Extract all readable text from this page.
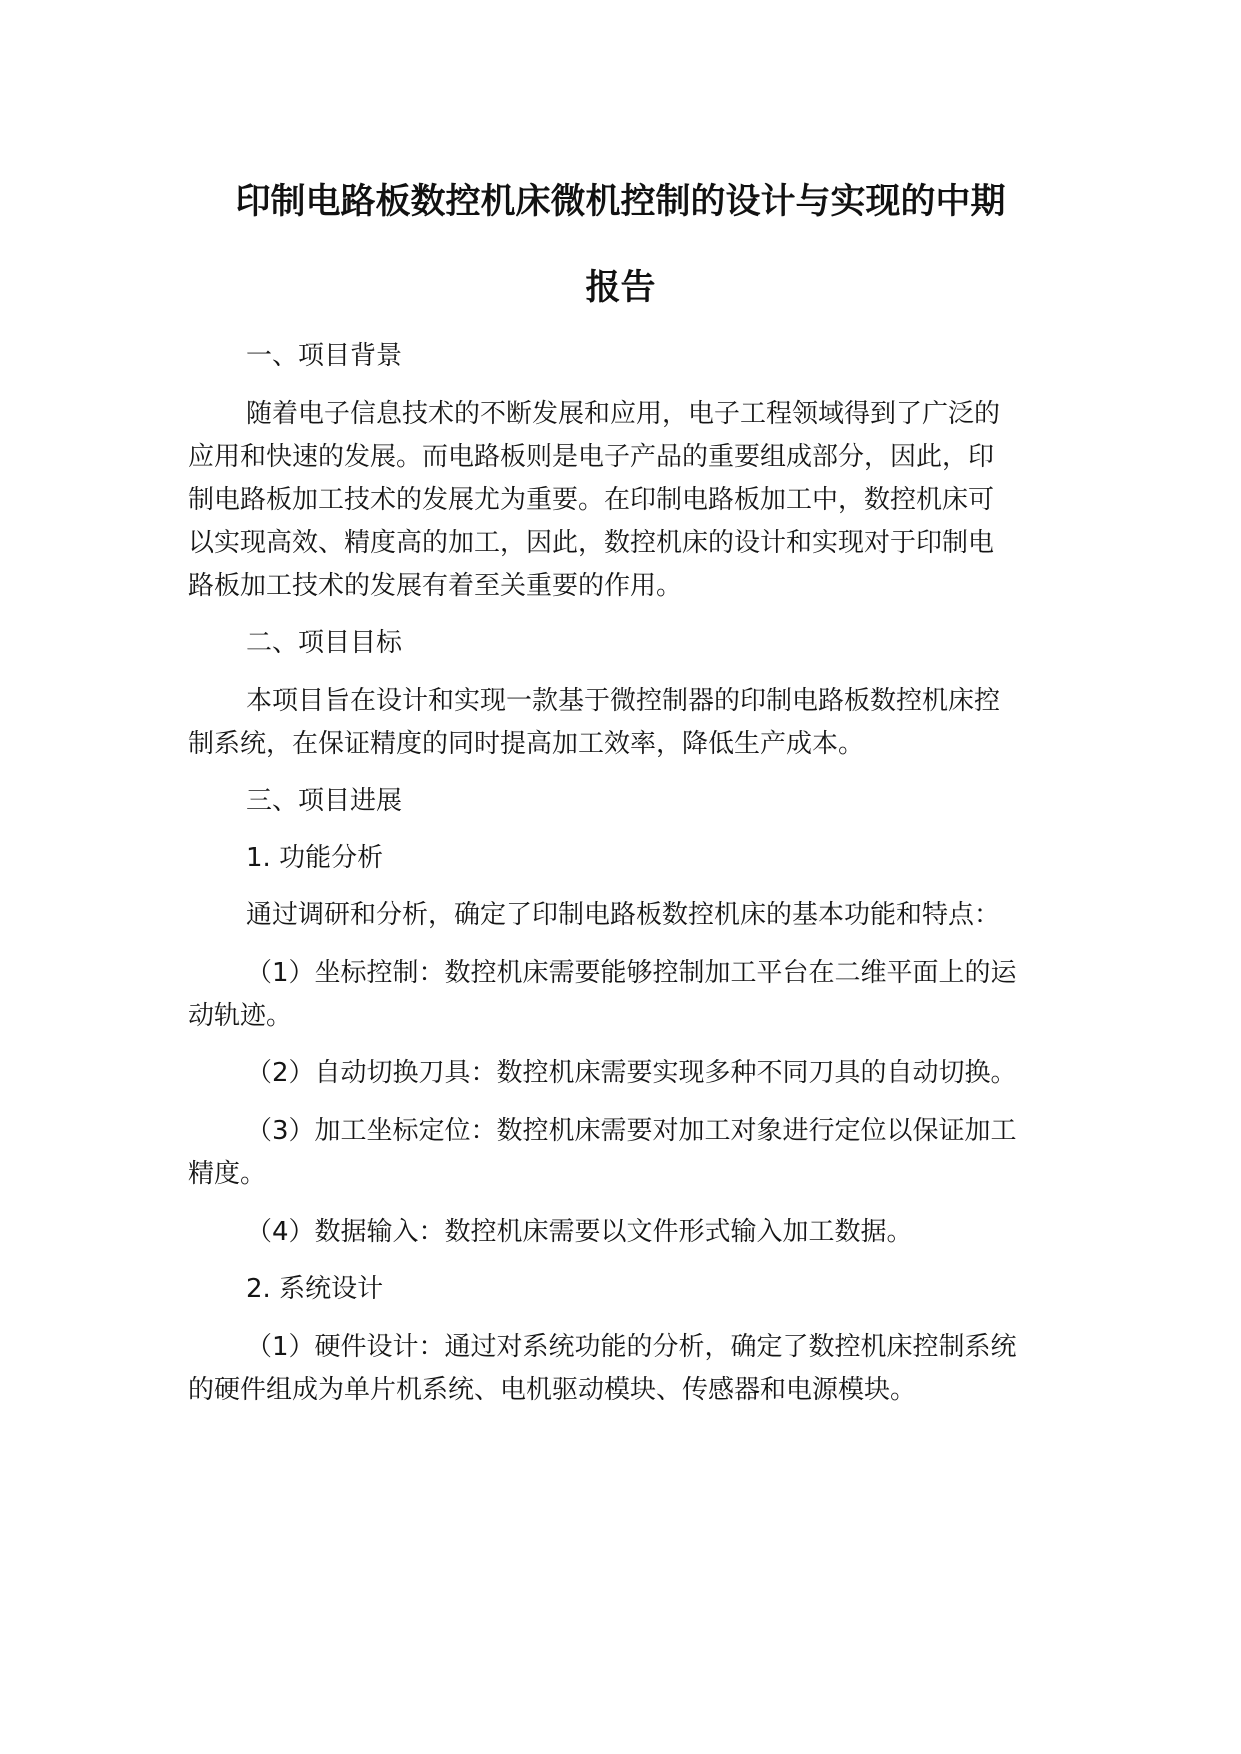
印制电路板数控机床微机控制的设计与实现的中期
报告
一、项目背景
随着电子信息技术的不断发展和应用，电子工程领域得到了广泛的
应用和快速的发展。而电路板则是电子产品的重要组成部分，因此，印
制电路板加工技术的发展尤为重要。在印制电路板加工中，数控机床可
以实现高效、精度高的加工，因此，数控机床的设计和实现对于印制电
路板加工技术的发展有着至关重要的作用。
二、项目目标
本项目旨在设计和实现一款基于微控制器的印制电路板数控机床控
制系统，在保证精度的同时提高加工效率，降低生产成本。
三、项目进展
1. 功能分析
通过调研和分析，确定了印制电路板数控机床的基本功能和特点：
（1）坐标控制：数控机床需要能够控制加工平台在二维平面上的运
动轨迹。
（2）自动切换刀具：数控机床需要实现多种不同刀具的自动切换。
（3）加工坐标定位：数控机床需要对加工对象进行定位以保证加工
精度。
（4）数据输入：数控机床需要以文件形式输入加工数据。
2. 系统设计
（1）硬件设计：通过对系统功能的分析，确定了数控机床控制系统
的硬件组成为单片机系统、电机驱动模块、传感器和电源模块。
